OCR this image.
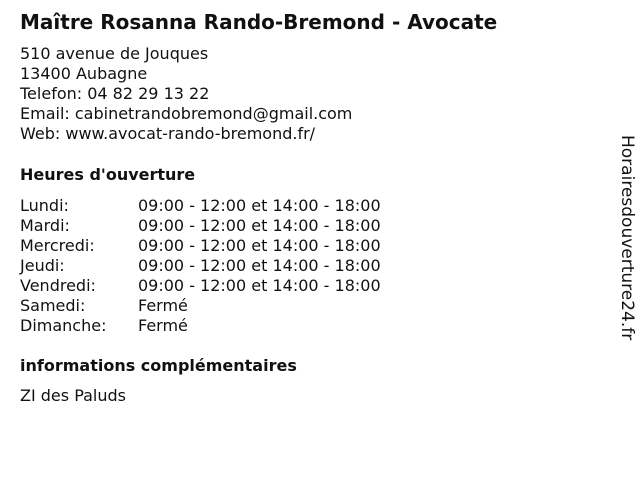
Maître Rosanna Rando-Bremond - Avocate
510 avenue de Jouques
13400 Aubagne
Telefon: 04 82 29 13 22
Email: cabinetrandobremond@gmail.com
Web: www.avocat-rando-bremond.fr/
Heures d'ouverture
Lundi:	09:00 - 12:00 et 14:00 - 18:00
Mardi:	09:00 - 12:00 et 14:00 - 18:00
Mercredi:	09:00 - 12:00 et 14:00 - 18:00
Jeudi:	09:00 - 12:00 et 14:00 - 18:00
Vendredi:	09:00 - 12:00 et 14:00 - 18:00
Samedi:	Fermé
Dimanche: Fermé
informations complémentaires
ZI des Paluds
Horairesdouverture24.fr
